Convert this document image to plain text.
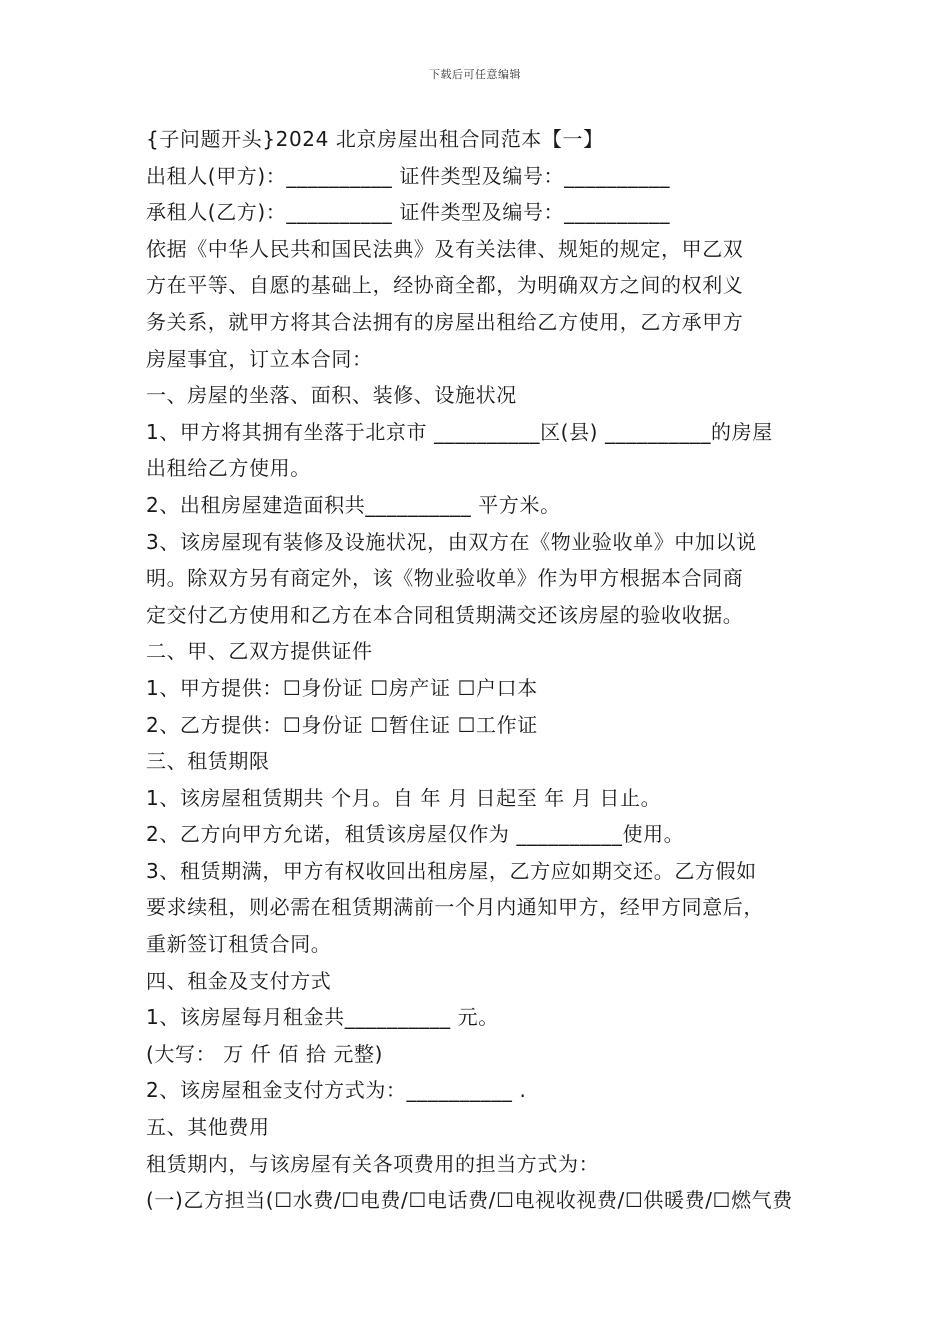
下载后可任意编辑
{子问题开头}2024 北京房屋出租合同范本【一】
出租人(甲方)：__________ 证件类型及编号：__________
承租人(乙方)：__________ 证件类型及编号：__________
依据《中华人民共和国民法典》及有关法律、规矩的规定，甲乙双
方在平等、自愿的基础上，经协商全都，为明确双方之间的权利义
务关系，就甲方将其合法拥有的房屋出租给乙方使用，乙方承甲方
房屋事宜，订立本合同：
一、房屋的坐落、面积、装修、设施状况
1、甲方将其拥有坐落于北京市 __________区(县) __________的房屋
出租给乙方使用。
2、出租房屋建造面积共__________ 平方米。
3、该房屋现有装修及设施状况，由双方在《物业验收单》中加以说
明。除双方另有商定外，该《物业验收单》作为甲方根据本合同商
定交付乙方使用和乙方在本合同租赁期满交还该房屋的验收收据。
二、甲、乙双方提供证件
1、甲方提供：☐身份证 ☐房产证 ☐户口本
2、乙方提供：☐身份证 ☐暂住证 ☐工作证
三、租赁期限
1、该房屋租赁期共 个月。自 年 月 日起至 年 月 日止。
2、乙方向甲方允诺，租赁该房屋仅作为 __________使用。
3、租赁期满，甲方有权收回出租房屋，乙方应如期交还。乙方假如
要求续租，则必需在租赁期满前一个月内通知甲方，经甲方同意后，
重新签订租赁合同。
四、租金及支付方式
1、该房屋每月租金共__________ 元。
(大写： 万 仟 佰 拾 元整)
2、该房屋租金支付方式为：__________ .
五、其他费用
租赁期内，与该房屋有关各项费用的担当方式为：
(一)乙方担当(☐水费/☐电费/☐电话费/☐电视收视费/☐供暖费/☐燃气费
